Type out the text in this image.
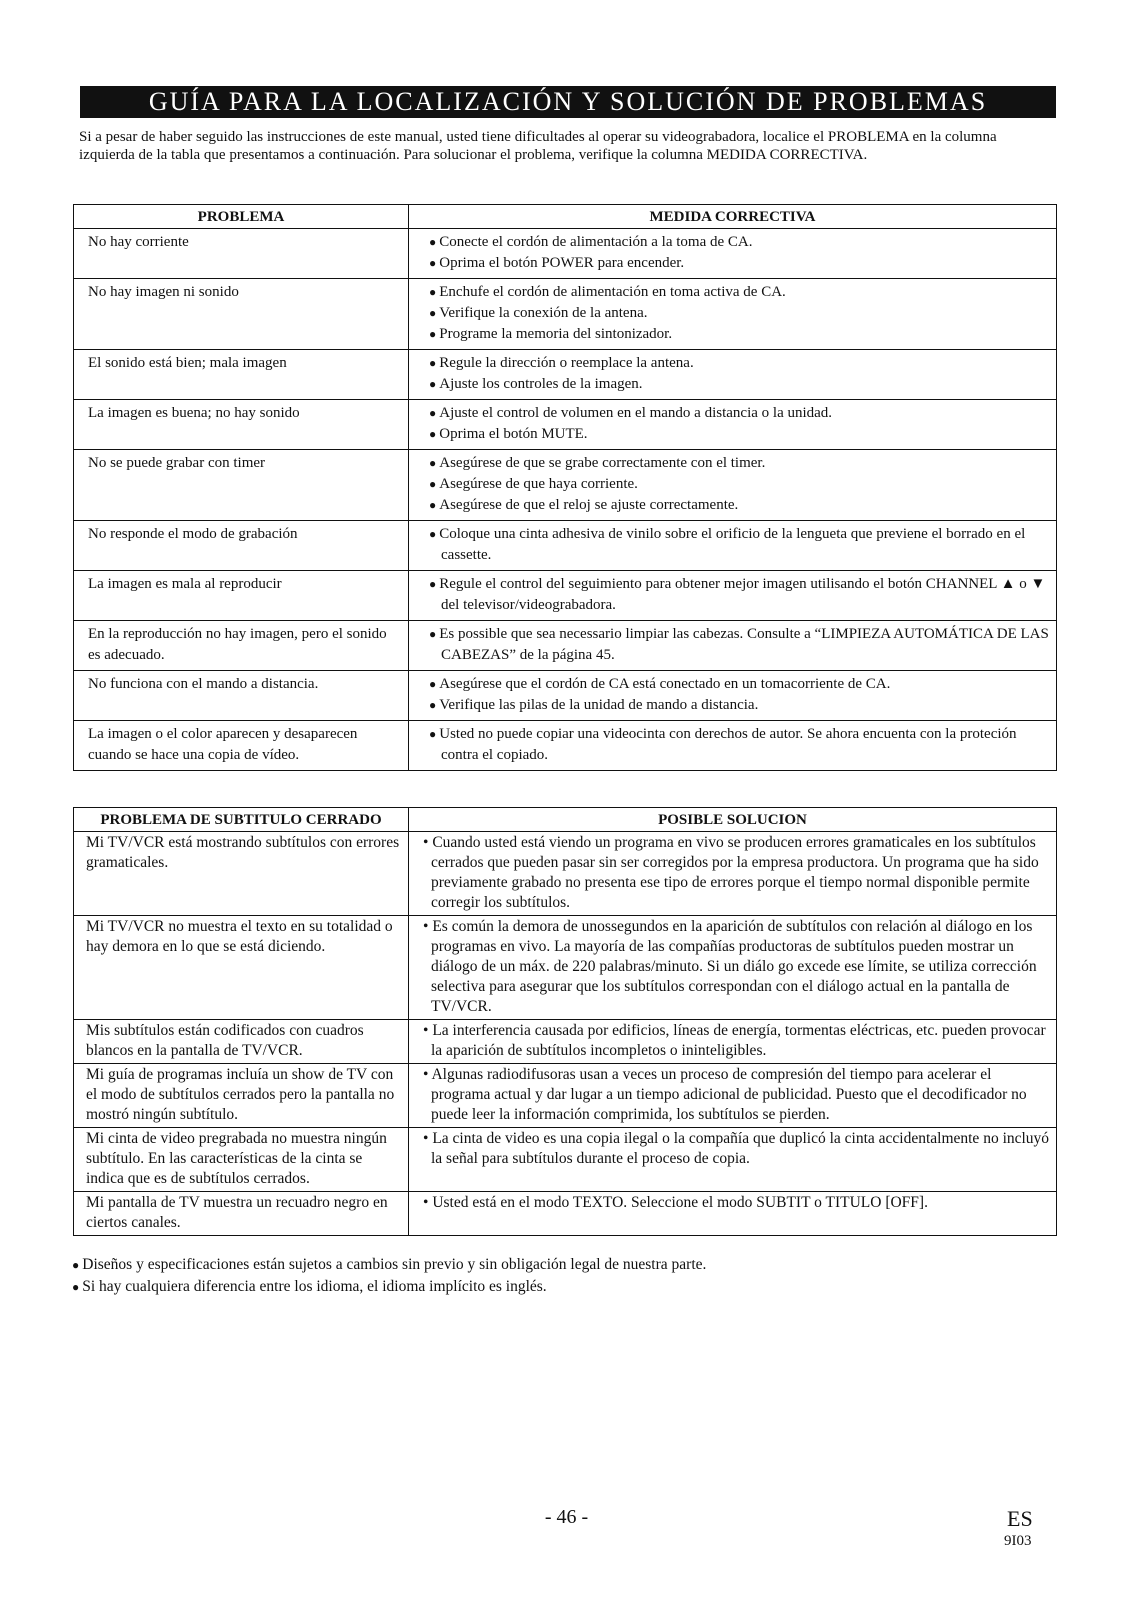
GUÍA PARA LA LOCALIZACIÓN Y SOLUCIÓN DE PROBLEMAS

Si a pesar de haber seguido las instrucciones de este manual, usted tiene dificultades al operar su videograbadora, localice el PROBLEMA en la columna izquierda de la tabla que presentamos a continuación. Para solucionar el problema, verifique la columna MEDIDA CORRECTIVA.

PROBLEMA	MEDIDA CORRECTIVA
No hay corriente	● Conecte el cordón de alimentación a la toma de CA.
● Oprima el botón POWER para encender.

No hay imagen ni sonido	● Enchufe el cordón de alimentación en toma activa de CA.
● Verifique la conexión de la antena.
● Programe la memoria del sintonizador.

El sonido está bien; mala imagen	● Regule la dirección o reemplace la antena.
● Ajuste los controles de la imagen.

La imagen es buena; no hay sonido	● Ajuste el control de volumen en el mando a distancia o la unidad.
● Oprima el botón MUTE.

No se puede grabar con timer	● Asegúrese de que se grabe correctamente con el timer.
● Asegúrese de que haya corriente.
● Asegúrese de que el reloj se ajuste correctamente.

No responde el modo de grabación	● Coloque una cinta adhesiva de vinilo sobre el orificio de la lengueta que previene el borrado en el cassette.

La imagen es mala al reproducir	● Regule el control del seguimiento para obtener mejor imagen utilisando el botón CHANNEL ▲ o ▼ del televisor/videograbadora.

En la reproducción no hay imagen, pero el sonido es adecuado.	● Es possible que sea necessario limpiar las cabezas. Consulte a “LIMPIEZA AUTOMÁTICA DE LAS CABEZAS” de la página 45.

No funciona con el mando a distancia.	● Asegúrese que el cordón de CA está conectado en un tomacorriente de CA.
● Verifique las pilas de la unidad de mando a distancia.

La imagen o el color aparecen y desaparecen cuando se hace una copia de vídeo.	● Usted no puede copiar una videocinta con derechos de autor. Se ahora encuenta con la proteción contra el copiado.
PROBLEMA DE SUBTITULO CERRADO	POSIBLE SOLUCION
Mi TV/VCR está mostrando subtítulos con errores gramaticales.	• Cuando usted está viendo un programa en vivo se producen errores gramaticales en los subtítulos cerrados que pueden pasar sin ser corregidos por la empresa productora. Un programa que ha sido previamente grabado no presenta ese tipo de errores porque el tiempo normal disponible permite corregir los subtítulos.

Mi TV/VCR no muestra el texto en su totalidad o hay demora en lo que se está diciendo.	• Es común la demora de unossegundos en la aparición de subtítulos con relación al diálogo en los programas en vivo. La mayoría de las compañías productoras de subtítulos pueden mostrar un diálogo de un máx. de 220 palabras/minuto. Si un diálo go excede ese límite, se utiliza corrección selectiva para asegurar que los subtítulos correspondan con el diálogo actual en la pantalla de TV/VCR.

Mis subtítulos están codificados con cuadros blancos en la pantalla de TV/VCR.	• La interferencia causada por edificios, líneas de energía, tormentas eléctricas, etc. pueden provocar la aparición de subtítulos incompletos o ininteligibles.

Mi guía de programas incluía un show de TV con el modo de subtítulos cerrados pero la pantalla no mostró ningún subtítulo.	• Algunas radiodifusoras usan a veces un proceso de compresión del tiempo para acelerar el programa actual y dar lugar a un tiempo adicional de publicidad. Puesto que el decodificador no puede leer la información comprimida, los subtítulos se pierden.

Mi cinta de video pregrabada no muestra ningún subtítulo. En las características de la cinta se indica que es de subtítulos cerrados.	• La cinta de video es una copia ilegal o la compañía que duplicó la cinta accidentalmente no incluyó la señal para subtítulos durante el proceso de copia.

Mi pantalla de TV muestra un recuadro negro en ciertos canales.	• Usted está en el modo TEXTO. Seleccione el modo SUBTIT o TITULO [OFF].
● Diseños y especificaciones están sujetos a cambios sin previo y sin obligación legal de nuestra parte.
● Si hay cualquiera diferencia entre los idioma, el idioma implícito es inglés.
- 46 -	ES
9I03
